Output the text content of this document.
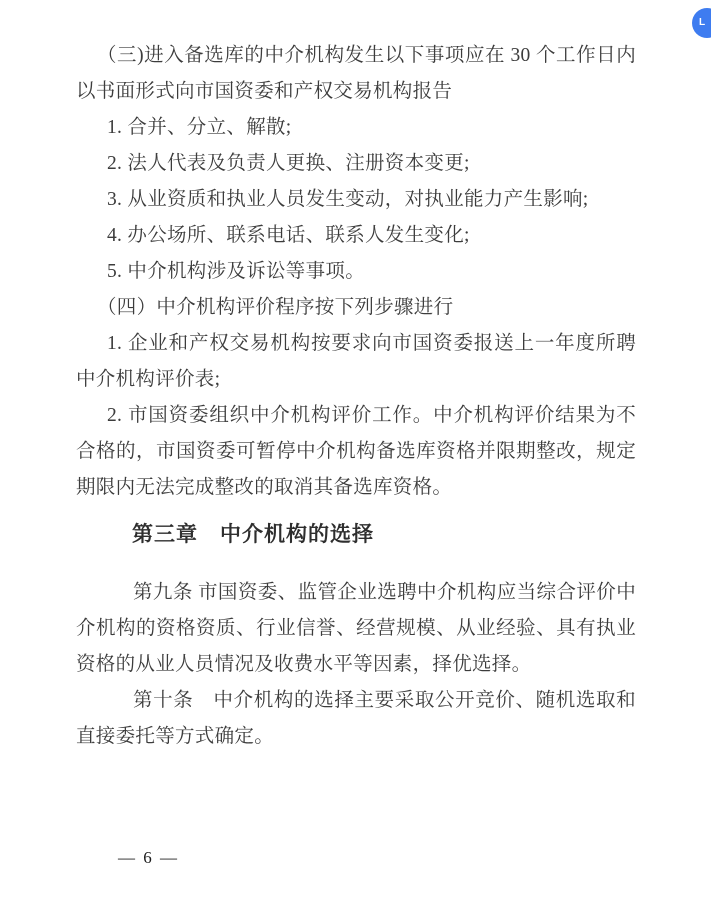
L

（三)进入备选库的中介机构发生以下事项应在 30 个工作日内以书面形式向市国资委和产权交易机构报告

1. 合并、分立、解散;

2. 法人代表及负责人更换、注册资本变更;

3. 从业资质和执业人员发生变动，对执业能力产生影响;

4. 办公场所、联系电话、联系人发生变化;

5. 中介机构涉及诉讼等事项。

（四）中介机构评价程序按下列步骤进行

1. 企业和产权交易机构按要求向市国资委报送上一年度所聘中介机构评价表;

2. 市国资委组织中介机构评价工作。中介机构评价结果为不合格的，市国资委可暂停中介机构备选库资格并限期整改，规定期限内无法完成整改的取消其备选库资格。

第三章　中介机构的选择

第九条 市国资委、监管企业选聘中介机构应当综合评价中介机构的资格资质、行业信誉、经营规模、从业经验、具有执业资格的从业人员情况及收费水平等因素，择优选择。

第十条　中介机构的选择主要采取公开竞价、随机选取和直接委托等方式确定。

— 6 —
